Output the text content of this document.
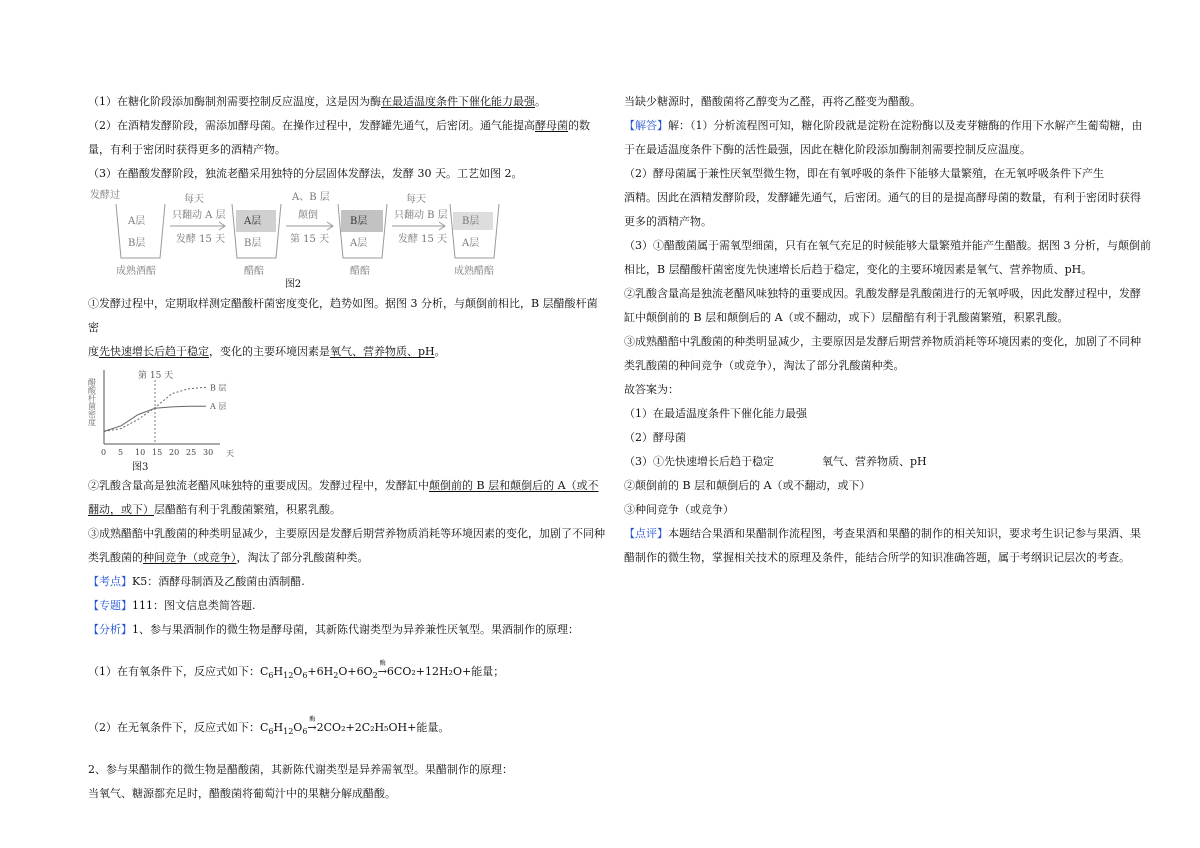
（1）在糖化阶段添加酶制剂需要控制反应温度，这是因为酶在最适温度条件下催化能力最强。

（2）在酒精发酵阶段，需添加酵母菌。在操作过程中，发酵罐先通气，后密闭。通气能提高酵母菌的数

量，有利于密闭时获得更多的酒精产物。

（3）在醋酸发酵阶段，独流老醋采用独特的分层固体发酵法，发酵 30 天。工艺如图 2。

发酵过
A层
B层
成熟酒醅
每天
只翻动 A 层
发酵 15 天
A层
B层
醋醅
A、B 层
颠倒
第 15 天
B层
A层
醋醅
每天
只翻动 B 层
发酵 15 天
B层
A层
成熟醋醅
图2

①发酵过程中，定期取样测定醋酸杆菌密度变化，趋势如图。据图 3 分析，与颠倒前相比，B 层醋酸杆菌密

度先快速增长后趋于稳定，变化的主要环境因素是氧气、营养物质、pH。

醋酸杆菌密度
第 15 天
天
0 5 10 15 20 25 30
B 层
A 层
图3

②乳酸含量高是独流老醋风味独特的重要成因。发酵过程中，发酵缸中颠倒前的 B 层和颠倒后的 A（或不

翻动，或下）层醋醅有利于乳酸菌繁殖，积累乳酸。

③成熟醋醅中乳酸菌的种类明显减少，主要原因是发酵后期营养物质消耗等环境因素的变化，加剧了不同种

类乳酸菌的种间竞争（或竞争），淘汰了部分乳酸菌种类。

【考点】K5：酒酵母制酒及乙酸菌由酒制醋.

【专题】111：图文信息类简答题.

【分析】1、参与果酒制作的微生物是酵母菌，其新陈代谢类型为异养兼性厌氧型。果酒制作的原理：

（1）在有氧条件下，反应式如下：$C_6H_{12}O_6+6H_2O+6O_2$
酶
→6CO₂+12H₂O+能量；

（2）在无氧条件下，反应式如下：$C_6H_{12}O_6$
酶
→2CO₂+2C₂H₅OH+能量。

2、参与果醋制作的微生物是醋酸菌，其新陈代谢类型是异养需氧型。果醋制作的原理：

当氧气、糖源都充足时，醋酸菌将葡萄汁中的果糖分解成醋酸。

当缺少糖源时，醋酸菌将乙醇变为乙醛，再将乙醛变为醋酸。

【解答】解：（1）分析流程图可知，糖化阶段就是淀粉在淀粉酶以及麦芽糖酶的作用下水解产生葡萄糖，由

于在最适温度条件下酶的活性最强，因此在糖化阶段添加酶制剂需要控制反应温度。

（2）酵母菌属于兼性厌氧型微生物，即在有氧呼吸的条件下能够大量繁殖，在无氧呼吸条件下产生

酒精。因此在酒精发酵阶段，发酵罐先通气，后密闭。通气的目的是提高酵母菌的数量，有利于密闭时获得

更多的酒精产物。

（3）①醋酸菌属于需氧型细菌，只有在氧气充足的时候能够大量繁殖并能产生醋酸。据图 3 分析，与颠倒前

相比，B 层醋酸杆菌密度先快速增长后趋于稳定，变化的主要环境因素是氧气、营养物质、pH。

②乳酸含量高是独流老醋风味独特的重要成因。乳酸发酵是乳酸菌进行的无氧呼吸，因此发酵过程中，发酵

缸中颠倒前的 B 层和颠倒后的 A（或不翻动，或下）层醋醅有利于乳酸菌繁殖，积累乳酸。

③成熟醋醅中乳酸菌的种类明显减少，主要原因是发酵后期营养物质消耗等环境因素的变化，加剧了不同种

类乳酸菌的种间竞争（或竞争），淘汰了部分乳酸菌种类。

故答案为：

（1）在最适温度条件下催化能力最强

（2）酵母菌

（3）①先快速增长后趋于稳定	氧气、营养物质、pH

②颠倒前的 B 层和颠倒后的 A（或不翻动，或下）

③种间竞争（或竞争）

【点评】本题结合果酒和果醋制作流程图，考查果酒和果醋的制作的相关知识，要求考生识记参与果酒、果

醋制作的微生物，掌握相关技术的原理及条件，能结合所学的知识准确答题，属于考纲识记层次的考查。
